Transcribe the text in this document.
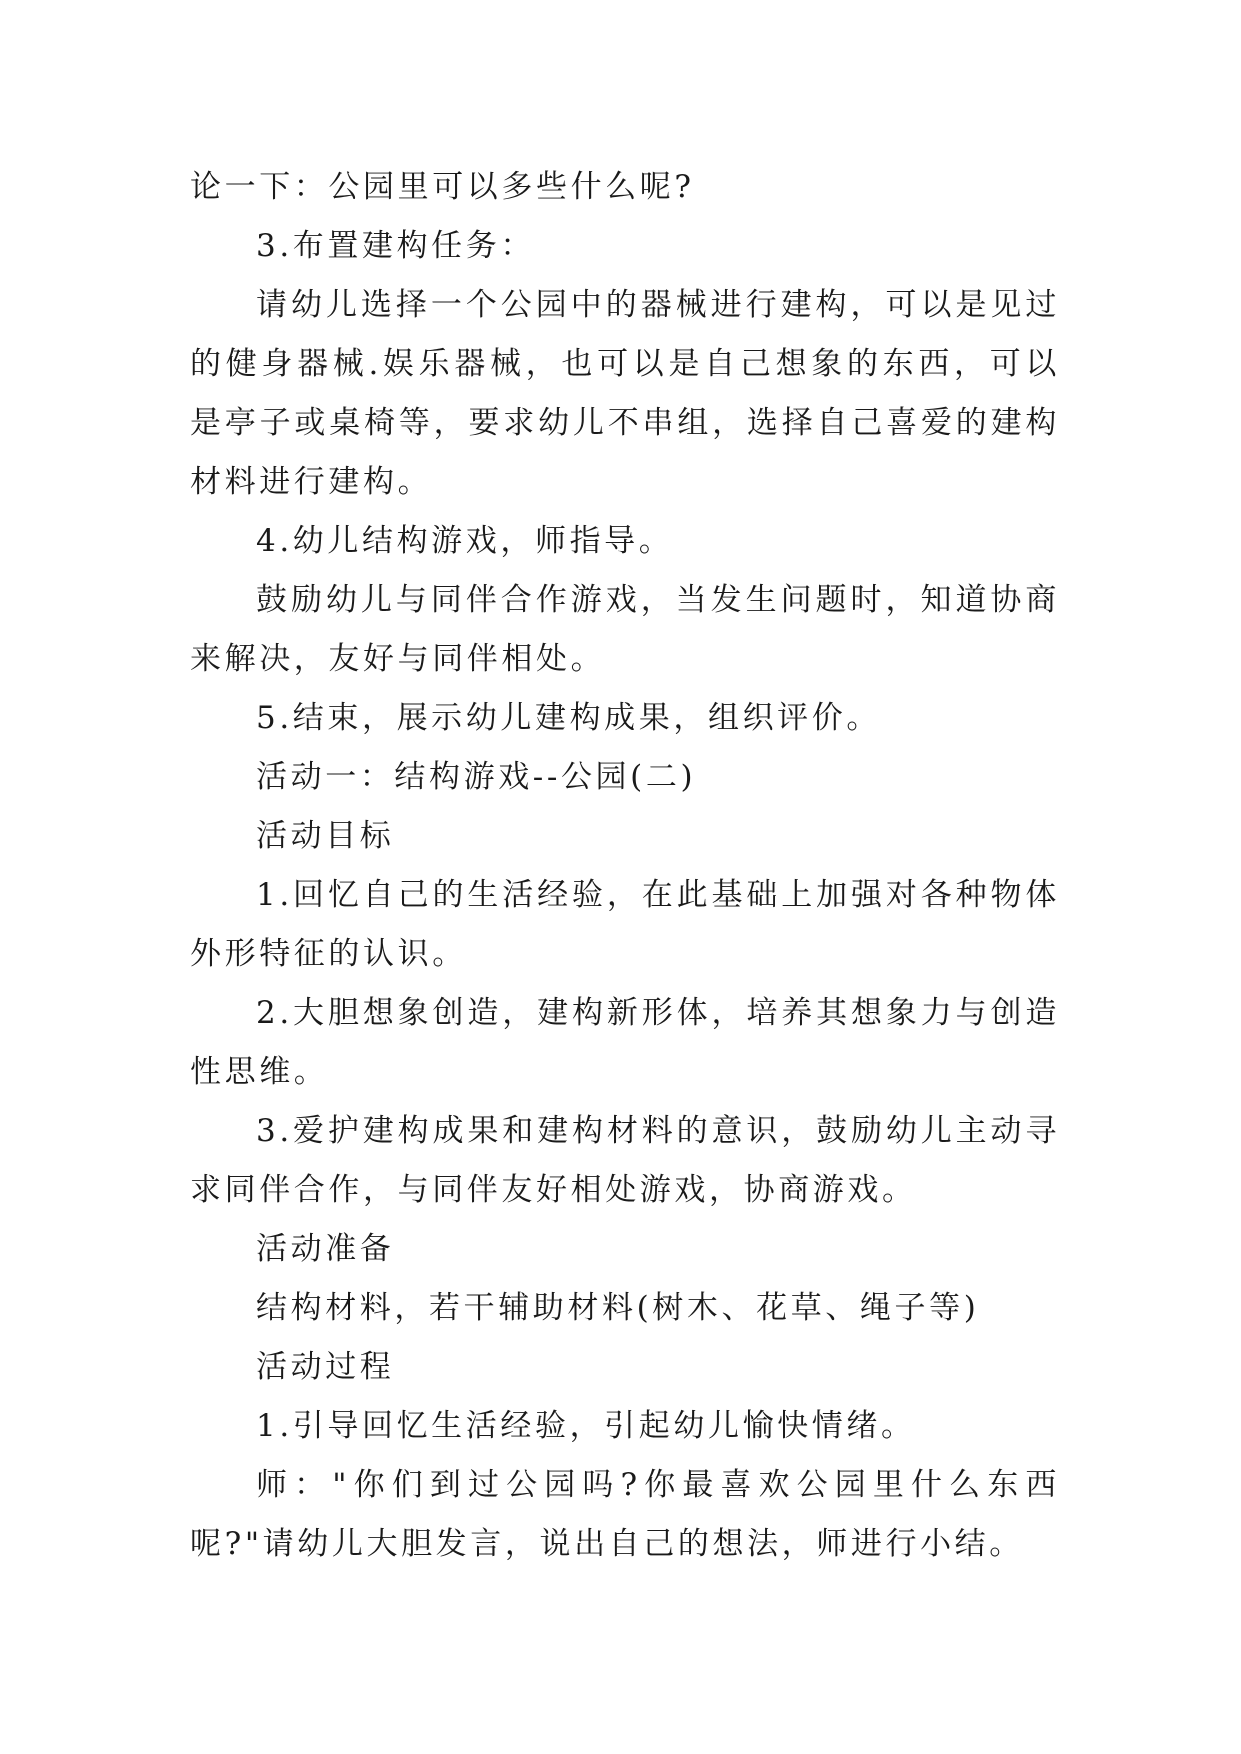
论一下：公园里可以多些什么呢?

3.布置建构任务：

请幼儿选择一个公园中的器械进行建构，可以是见过的健身器械.娱乐器械，也可以是自己想象的东西，可以是亭子或桌椅等，要求幼儿不串组，选择自己喜爱的建构材料进行建构。

4.幼儿结构游戏，师指导。

鼓励幼儿与同伴合作游戏，当发生问题时，知道协商来解决，友好与同伴相处。

5.结束，展示幼儿建构成果，组织评价。

活动一：结构游戏--公园(二)

活动目标

1.回忆自己的生活经验，在此基础上加强对各种物体外形特征的认识。

2.大胆想象创造，建构新形体，培养其想象力与创造性思维。

3.爱护建构成果和建构材料的意识，鼓励幼儿主动寻求同伴合作，与同伴友好相处游戏，协商游戏。

活动准备

结构材料，若干辅助材料(树木、花草、绳子等)

活动过程

1.引导回忆生活经验，引起幼儿愉快情绪。

师："你们到过公园吗?你最喜欢公园里什么东西呢?"请幼儿大胆发言，说出自己的想法，师进行小结。
